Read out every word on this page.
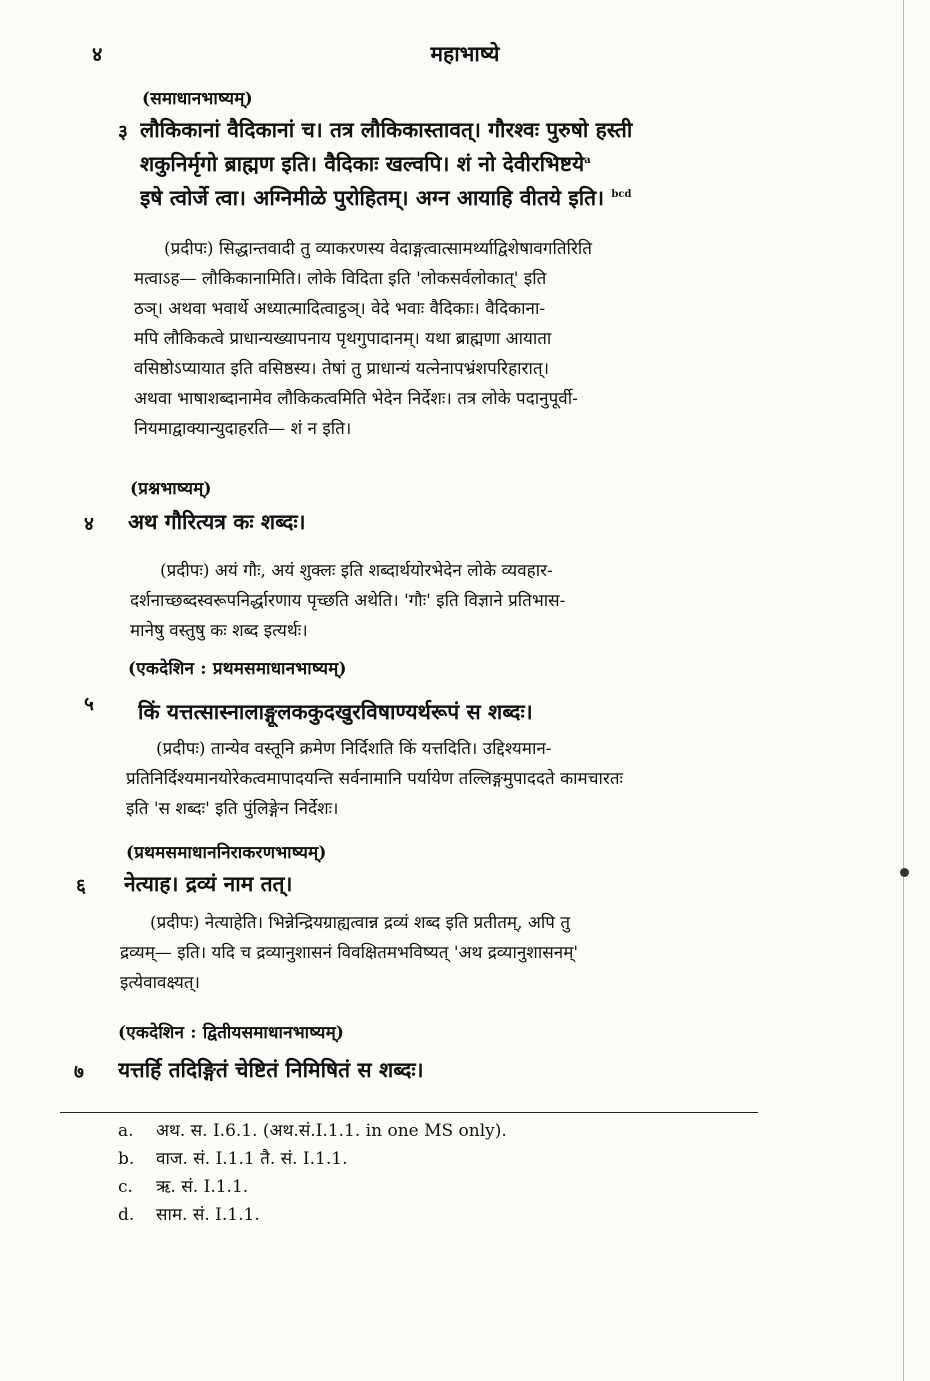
४	महाभाष्ये
(समाधानभाष्यम्)
३ लौकिकानां वैदिकानां च। तत्र लौकिकास्तावत्। गौरश्वः पुरुषो हस्ती
शकुनिर्मृगो ब्राह्मण इति। वैदिकाः खल्वपि। शं नो देवीरभिष्टये$^a$
इषे त्वोर्जे त्वा। अग्निमीळे पुरोहितम्। अग्न आयाहि वीतये इति। $^{bcd}$
(प्रदीपः) सिद्धान्तवादी तु व्याकरणस्य वेदाङ्गत्वात्सामर्थ्याद्विशेषावगतिरिति
मत्वाऽह— लौकिकानामिति। लोके विदिता इति 'लोकसर्वलोकात्' इति
ठञ्। अथवा भवार्थे अध्यात्मादित्वाट्ठञ्। वेदे भवाः वैदिकाः। वैदिकाना-
मपि लौकिकत्वे प्राधान्यख्यापनाय पृथगुपादानम्। यथा ब्राह्मणा आयाता
वसिष्ठोऽप्यायात इति वसिष्ठस्य। तेषां तु प्राधान्यं यत्नेनापभ्रंशपरिहारात्।
अथवा भाषाशब्दानामेव लौकिकत्वमिति भेदेन निर्देशः। तत्र लोके पदानुपूर्वी-
नियमाद्वाक्यान्युदाहरति— शं न इति।
(प्रश्नभाष्यम्)
४ अथ गौरित्यत्र कः शब्दः।
(प्रदीपः) अयं गौः, अयं शुक्लः इति शब्दार्थयोरभेदेन लोके व्यवहार-
दर्शनाच्छब्दस्वरूपनिर्द्धारणाय पृच्छति अथेति। 'गौः' इति विज्ञाने प्रतिभास-
मानेषु वस्तुषु कः शब्द इत्यर्थः।
(एकदेशिन : प्रथमसमाधानभाष्यम्)
५ किं यत्तत्सास्नालाङ्गूलककुदखुरविषाण्यर्थरूपं स शब्दः।
(प्रदीपः) तान्येव वस्तूनि क्रमेण निर्दिशति किं यत्तदिति। उद्दिश्यमान-
प्रतिनिर्दिश्यमानयोरेकत्वमापादयन्ति सर्वनामानि पर्यायेण तल्लिङ्गमुपाददते कामचारतः
इति 'स शब्दः' इति पुंलिङ्गेन निर्देशः।
(प्रथमसमाधाननिराकरणभाष्यम्)
६ नेत्याह। द्रव्यं नाम तत्।
(प्रदीपः) नेत्याहेति। भिन्नेन्द्रियग्राह्यत्वान्न द्रव्यं शब्द इति प्रतीतम्, अपि तु
द्रव्यम्— इति। यदि च द्रव्यानुशासनं विवक्षितमभविष्यत् 'अथ द्रव्यानुशासनम्'
इत्येवावक्ष्यत्।
(एकदेशिन : द्वितीयसमाधानभाष्यम्)
७ यत्तर्हि तदिङ्गितं चेष्टितं निमिषितं स शब्दः।
a. अथ. स. I.6.1. (अथ.सं.I.1.1. in one MS only).
b. वाज. सं. I.1.1 तै. सं. I.1.1.
c. ऋ. सं. I.1.1.
d. साम. सं. I.1.1.
